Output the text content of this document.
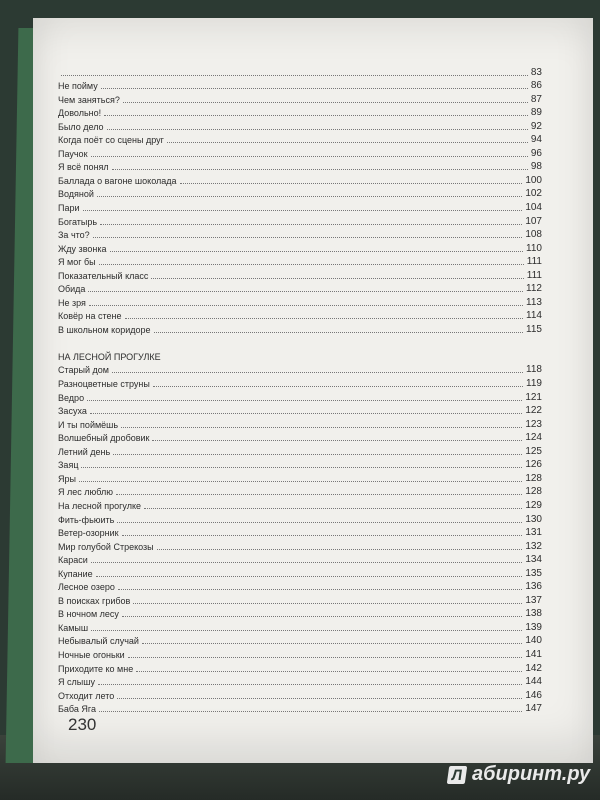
83
Не пойму	86
Чем заняться?	87
Довольно!	89
Было дело	92
Когда поёт со сцены друг	94
Паучок	96
Я всё понял	98
Баллада о вагоне шоколада	100
Водяной	102
Пари	104
Богатырь	107
За что?	108
Жду звонка	110
Я мог бы	111
Показательный класс	111
Обида	112
Не зря	113
Ковёр на стене	114
В школьном коридоре	115
НА ЛЕСНОЙ ПРОГУЛКЕ
Старый дом	118
Разноцветные струны	119
Ведро	121
Засуха	122
И ты поймёшь	123
Волшебный дробовик	124
Летний день	125
Заяц	126
Яры	128
Я лес люблю	128
На лесной прогулке	129
Фить-фьюить	130
Ветер-озорник	131
Мир голубой Стрекозы	132
Караси	134
Купание	135
Лесное озеро	136
В поисках грибов	137
В ночном лесу	138
Камыш	139
Небывалый случай	140
Ночные огоньки	141
Приходите ко мне	142
Я слышу	144
Отходит лето	146
Баба Яга	147
230
Л абиринт.ру
